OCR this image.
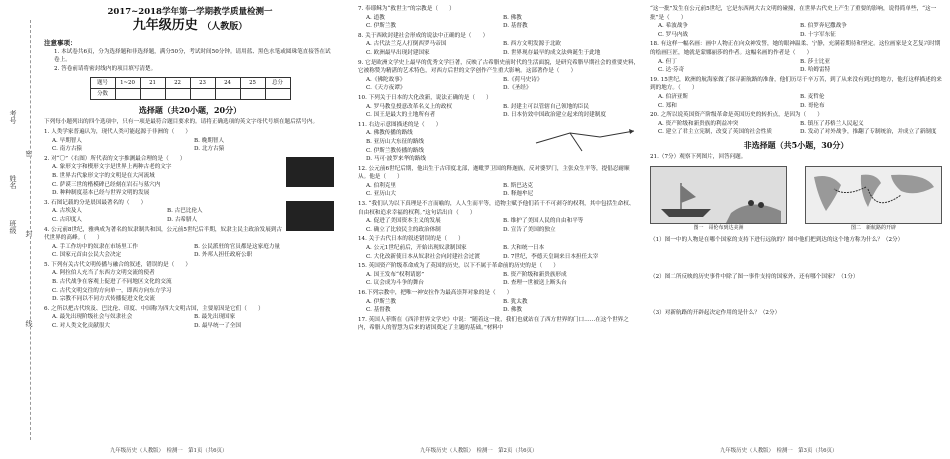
考号
姓名
班级
密
封
线
2017~2018学年第一学期教学质量检测一
九年级历史 （人教版）
注意事项：
1. 本试卷共6页，分为选择题和非选择题，满分50分，考试时间50分钟。请用蓝、黑色水笔或圆珠笔直接答在试卷上。
2. 答卷前请将密封线内的项目填写清楚。
题号	1~20	21	22	23	24	25	总分
分数							
选择题（共20小题，20分）
下列每小题列出的四个选项中，只有一项是最符合题目要求的。请将正确选项的英文字母代号填在题后括号内。
1. 人类学家普遍认为，现代人类可能起源于非洲的（　　）
A. 早期智人	B. 晚期智人
C. 南方古猿	D. 北方古猿
2. 对“〇”（右图）所代表的文字推测最合理的是（　　）
A. 象形文字和楔形文字是世界上两种古老的文字
B. 世界古代象形文字的文明是在大河流域
C. 萨谟三世的楷模碑已经刻在岩石与墓穴内
D. 种种制度基本已经与世界文明的发展
3. 石图记载的分是晨国最著名的（　　）
A. 古埃及人	B. 古巴比伦人
C. 古印度人	D. 古希腊人
4. 公元前8世纪，雅典成为著名的奴隶制共和国，公元前5世纪后半期，奴隶主民主政治发展到古代世界的高峰。（　　）
A. 手工作坊中的奴隶在市场里工作	B. 公民派驻的官员都是这家庭力量
C. 国家元首由公民大会决定	D. 外邦人担任政府公职
5. 下列有关古代文明传播与融合的叙述，错误的是（　　）
A. 阿拉伯人充当了东西方文明交流的使者
B. 古代战争在客观上促进了不同地区文化的交流
C. 古代文明交往的方向单一，即西方向东方学习
D. 宗教不同以不同方式传播促进文化交流
6. 之所以把古代埃及、巴比伦、印度、中国称为四大文明古国，主要原因是它们（　　）
A. 最先出现阶级社会与奴隶社会	B. 最先出现国家
C. 对人类文化贡献很大	D. 最早统一了全国
九年级历史（人教版）　检测一　第1页（共6页）
7. 奉耶稣为“救世主”的宗教是（　　）
A. 道教	B. 佛教
C. 伊斯兰教	D. 基督教
8. 关于西欧封建社会形成的说法中正确的是（　　）
A. 古代法兰克人打倒西罗马帝国	B. 西方文明发源于北欧
C. 欧洲最早出现封建国家	D. 世界现存最早的成文法典诞生于此地
9. 它是欧洲文学史上最早的优秀文学巨著，反映了古希腊史前时代的生活面貌，是研究希腊早期社会的重要史料，它被称赞为精湛的艺术特色，对西方后世的文学创作产生重大影响。这部著作是（　　）
A.《佛陀故事》	B.《荷马史诗》
C.《天方夜谭》	D.《圣经》
10. 下列关于日本的大化改新，说法正确的是（　　）
A. 罗马教皇授意改革名义上的政权	B. 封建主可以管辖自己领地的臣民
C. 国王是最大的土地所有者	D. 日本仿效中国政治建立起来的封建制度
11. 右边示意图描述的是（　　）
A. 佛教传播的路线
B. 亚历山大东征的路线
C. 伊斯兰教传播的路线
D. 马可·波罗来华的路线
12. 公元前6世纪后期，他出生于古印度北部，迦毗罗卫国的释迦族，反对婆罗门，主张众生平等，提倡忍耐顺从。他是（　　）
A. 伯利克里	B. 斯巴达克
C. 亚历山大	D. 释迦牟尼
13. “我们认为以下真理是不言而喻的，人人生而平等，造物主赋予他们若干不可剥夺的权利，其中包括生命权、自由权和追求幸福的权利。”这句话出自（　　）
A. 促进了美国资本主义的发展	B. 维护了美国人民的自由和平等
C. 确立了比较民主的政治体制	D. 宣告了美国的独立
14. 关于古代日本的叙述错误的是（　　）
A. 公元1世纪前后，开始出现奴隶制国家	B. 大和统一日本
C. 大化改新使日本从奴隶社会向封建社会过渡	D. 7世纪，李德天皇调来日本担任太宰
15. 英国资产阶级革命成为了英国的历史，以下不属于革命前的历史的是（　　）
A. 国王发布“权利请愿”	B. 资产阶级和新贵族形成
C. 议会成为斗争的舞台	D. 查理一世被送上断头台
16.下列宗教中，把唯一神安拉作为最高崇拜对象的是（　　）
A. 伊斯兰教	B. 犹太教
C. 基督教	D. 佛教
17. 英国人菲斯在《西洋世界文学史》中说：“随着这一批，我们也就站在了西方世界的门口……在这个世界之内，希腊人的智慧为后来的诸国奠定了主题的基础。”材料中
九年级历史（人教版）　检测一　第2页（共6页）
“这一批”发生在公元前5世纪，它是东西两大古文明的碰撞，在世界古代史上产生了重要的影响，说得简单些，“这一批”是（　　）
A. 希波战争	B. 伯罗奔尼撒战争
C. 罗马内战	D. 十字军东征
18. 有这样一幅名画：画中人物正在向众神发誓，她的眼神温柔、宁静，充满着期待和坚定。这位画家是文艺复兴时期的绘画巨匠，她就是蒙娜丽莎的作者。这幅名画的作者是（　　）
A. 但丁	B. 莎士比亚
C. 达·芬奇	D. 哈姆雷特
19. 15世纪，欧洲的航海家做了探寻新航路的准备，他们历尽千辛万苦，到了从来没有到过的地方，他打这样描述的来到的地方。（　　）
A. 伯济亚斯	B. 麦哲伦
C. 郑和	D. 哥伦布
20. 之所以说英国资产阶级革命是英国历史的转折点，是因为（　　）
A. 资产阶级和新贵族的利益冲突	B. 镇压了苏格兰人民起义
C. 建立了君主立宪制，改变了英国的社会性质	D. 发动了对外战争，推翻了专制统治，并成立了新制度
非选择题（共5小题，30分）
21.（7分）观察下列图片，回答问题。
图一　哥伦布到达美洲	图二　新航路的开辟
（1）图一中的人物是在哪个国家的支持下进行远航的？图中他们把到达的这个地方称为什么？（2分）
（2）图二所反映的历史事件中除了图一事件支持的国家外，还有哪个国家？（1分）
（3）对新航路的开辟起决定作用的是什么？（2分）
九年级历史（人教版）　检测一　第3页（共6页）
